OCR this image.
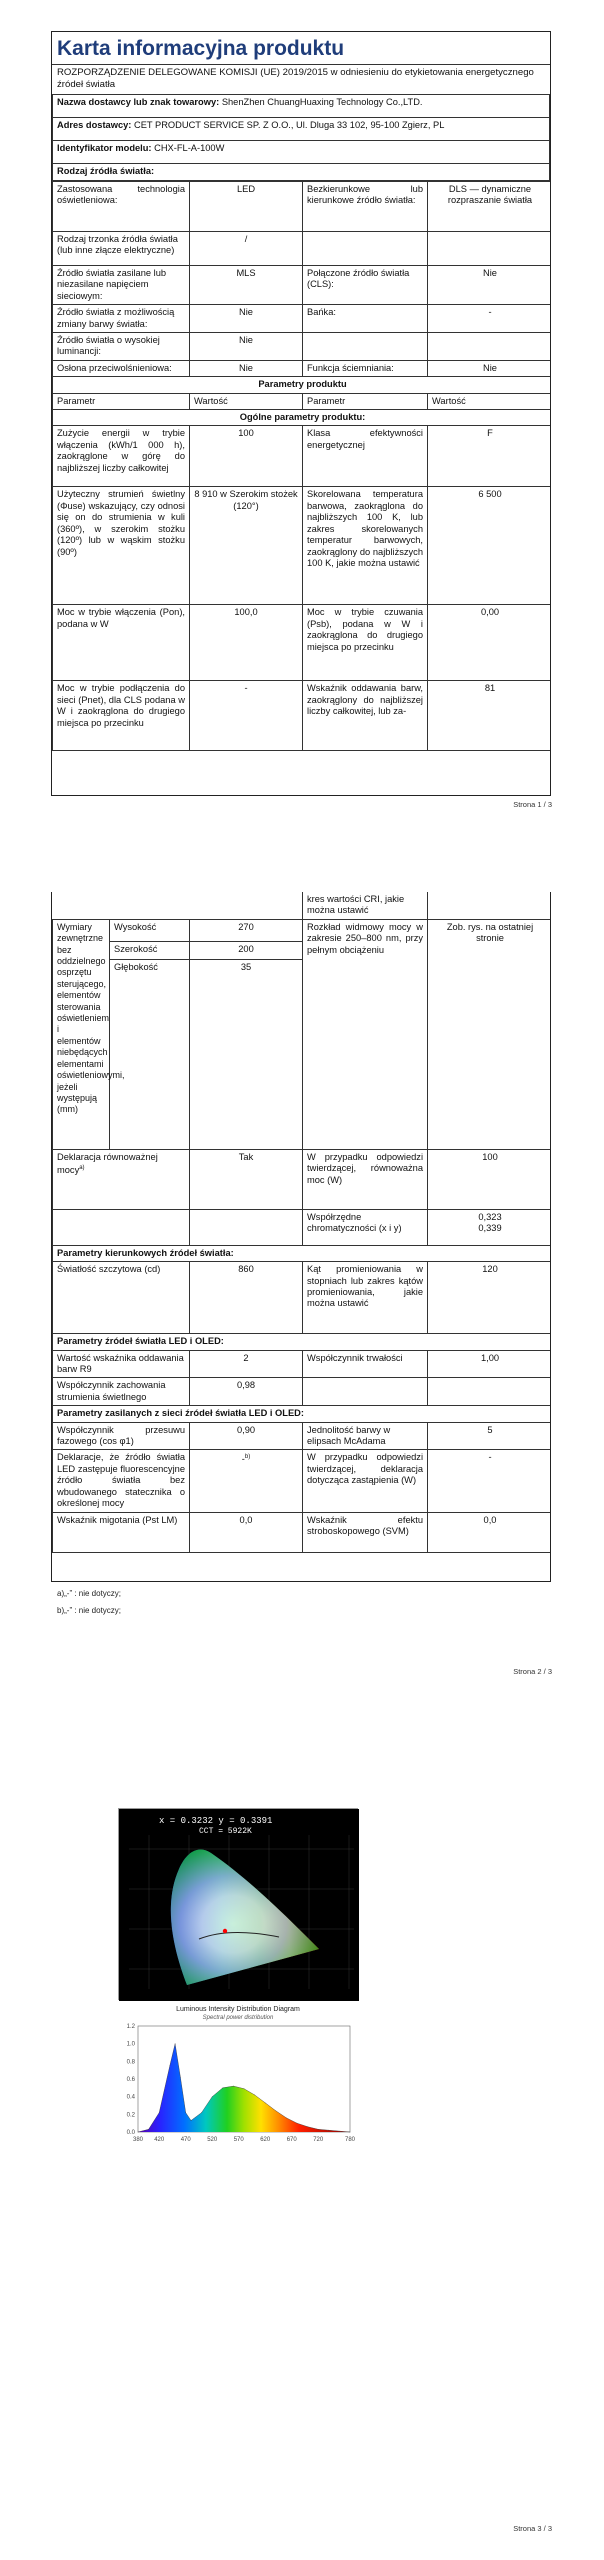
Karta informacyjna produktu
ROZPORZĄDZENIE DELEGOWANE KOMISJI (UE) 2019/2015 w odniesieniu do etykietowania energetycznego źródeł światła
Nazwa dostawcy lub znak towarowy: ShenZhen ChuangHuaxing Technology Co.,LTD.
Adres dostawcy: CET PRODUCT SERVICE SP. Z O.O., Ul. Dluga 33 102, 95-100 Zgierz, PL
Identyfikator modelu: CHX-FL-A-100W
Rodzaj źródła światła:
Zastosowana technologia oświetleniowa:	LED	Bezkierunkowe lub kierunkowe źródło światła:	DLS — dynamiczne rozpraszanie światła
Rodzaj trzonka źródła światła (lub inne złącze elektryczne)	/		
Źródło światła zasilane lub niezasilane napięciem sieciowym:	MLS	Połączone źródło światła (CLS):	Nie
Źródło światła z możliwością zmiany barwy światła:	Nie	Bańka:	-
Źródło światła o wysokiej luminancji:	Nie		
Osłona przeciwolśnieniowa:	Nie	Funkcja ściemniania:	Nie
Parametry produktu			
Parametr	Wartość	Parametr	Wartość
Ogólne parametry produktu:			
Zużycie energii w trybie włączenia (kWh/1 000 h), zaokrąglone w górę do najbliższej liczby całkowitej	100	Klasa efektywności energetycznej	F
Użyteczny strumień świetlny (Φuse) wskazujący, czy odnosi się on do strumienia w kuli (360º), w szerokim stożku (120º) lub w wąskim stożku (90º)	8 910 w Szerokim stożek (120°)	Skorelowana temperatura barwowa, zaokrąglona do najbliższych 100 K, lub zakres skorelowanych temperatur barwowych, zaokrąglony do najbliższych 100 K, jakie można ustawić	6 500
Moc w trybie włączenia (Pon), podana w W	100,0	Moc w trybie czuwania (Psb), podana w W i zaokrąglona do drugiego miejsca po przecinku	0,00
Moc w trybie podłączenia do sieci (Pnet), dla CLS podana w W i zaokrąglona do drugiego miejsca po przecinku	-	Wskaźnik oddawania barw, zaokrąglony do najbliższej liczby całkowitej, lub za-	81
Strona 1 / 3
			kres wartości CRI, jakie można ustawić	
Wymiary zewnętrzne bez oddzielnego osprzętu sterującego, elementów sterowania oświetleniem i elementów niebędących elementami oświetleniowymi, jeżeli występują (mm)	Wysokość	270	Rozkład widmowy mocy w zakresie 250–800 nm, przy pełnym obciążeniu	Zob. rys. na ostatniej stronie
	Szerokość	200		
	Głębokość	35		
Deklaracja równoważnej mocy$^{a)}$		Tak	W przypadku odpowiedzi twierdzącej, równoważna moc (W)	100
			Współrzędne chromatyczności (x i y)	0,323
0,339

Parametry kierunkowych źródeł światła:				
Światłość szczytowa (cd)		860	Kąt promieniowania w stopniach lub zakres kątów promieniowania, jakie można ustawić	120
Parametry źródeł światła LED i OLED:				
Wartość wskaźnika oddawania barw R9		2	Współczynnik trwałości	1,00
Współczynnik zachowania strumienia świetlnego		0,98		
Parametry zasilanych z sieci źródeł światła LED i OLED:				
Współczynnik przesuwu fazowego (cos φ1)		0,90	Jednolitość barwy w elipsach McAdama	5
Deklaracje, że źródło światła LED zastępuje fluorescencyjne źródło światła bez wbudowanego statecznika o określonej mocy		-$^{b)}$	W przypadku odpowiedzi twierdzącej, deklaracja dotycząca zastąpienia (W)	-
Wskaźnik migotania (Pst LM)		0,0	Wskaźnik efektu stroboskopowego (SVM)	0,0
a)„-” : nie dotyczy;
b)„-” : nie dotyczy;
Strona 2 / 3
x = 0.3232 y = 0.3391
CCT = 5922K
Luminous Intensity Distribution Diagram
Spectral power distribution
0.0
0.2
0.4
0.6
0.8
1.0
1.2
380 420	470	520	570	620	670	720	780
Strona 3 / 3
